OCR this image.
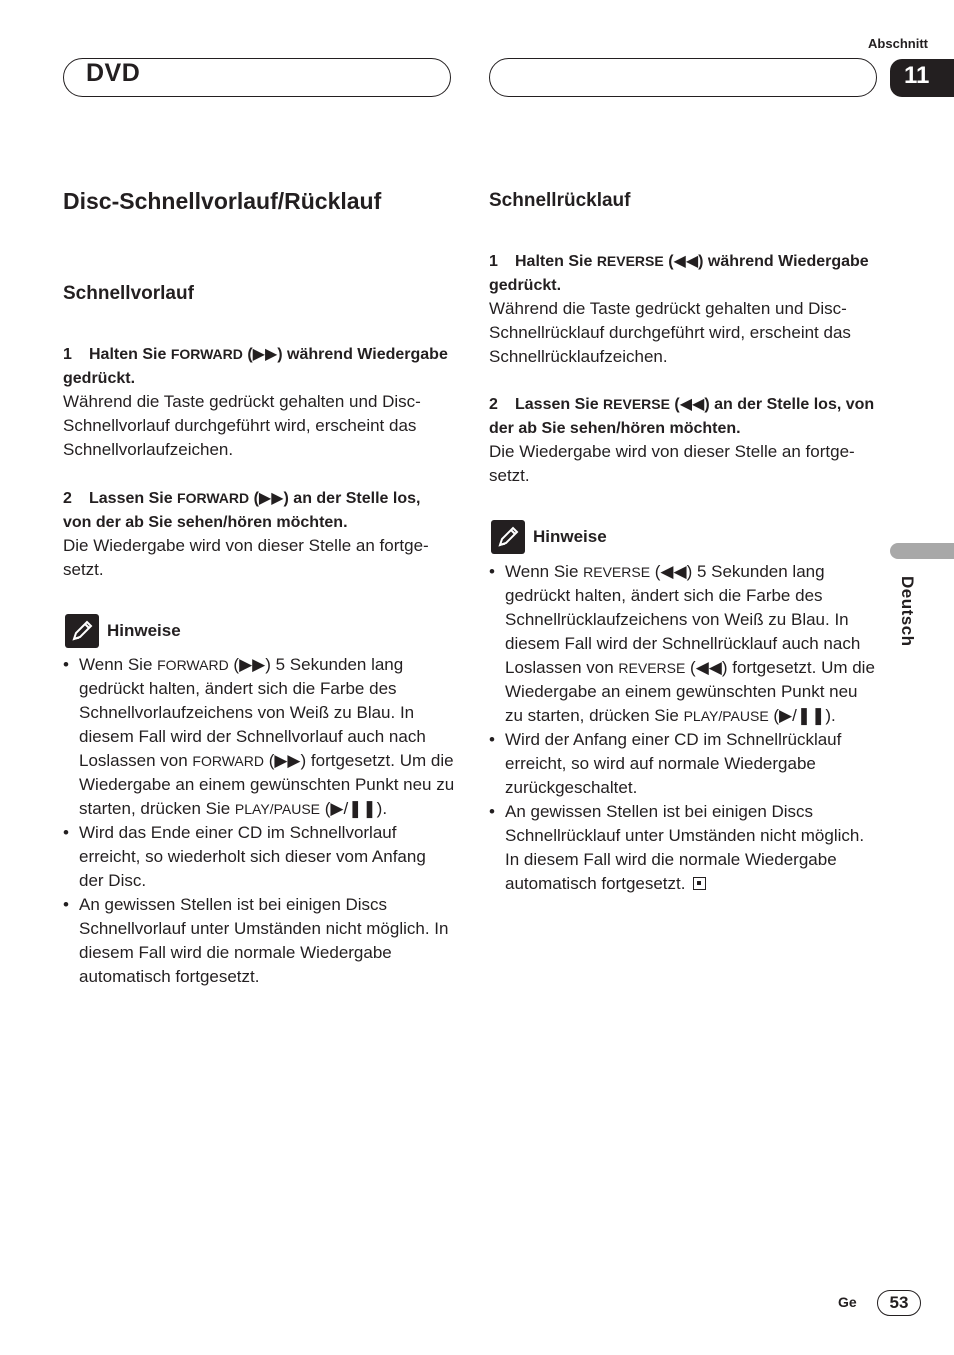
DVD
Abschnitt
11
Disc-Schnellvorlauf/Rücklauf
Schnellvorlauf
1 Halten Sie FORWARD (▶▶) während Wiedergabe gedrückt.
Während die Taste gedrückt gehalten und Disc-Schnellvorlauf durchgeführt wird, erscheint das Schnellvorlaufzeichen.
2 Lassen Sie FORWARD (▶▶) an der Stelle los, von der ab Sie sehen/hören möchten.
Die Wiedergabe wird von dieser Stelle an fortge-setzt.
Hinweise
• Wenn Sie FORWARD (▶▶) 5 Sekunden lang gedrückt halten, ändert sich die Farbe des Schnellvorlaufzeichens von Weiß zu Blau. In diesem Fall wird der Schnellvorlauf auch nach Loslassen von FORWARD (▶▶) fortgesetzt. Um die Wiedergabe an einem gewünschten Punkt neu zu starten, drücken Sie PLAY/PAUSE (▶/❚❚).
• Wird das Ende einer CD im Schnellvorlauf erreicht, so wiederholt sich dieser vom Anfang der Disc.
• An gewissen Stellen ist bei einigen Discs Schnellvorlauf unter Umständen nicht möglich. In diesem Fall wird die normale Wiedergabe automatisch fortgesetzt.
Schnellrücklauf
1 Halten Sie REVERSE (◀◀) während Wiedergabe gedrückt.
Während die Taste gedrückt gehalten und Disc-Schnellrücklauf durchgeführt wird, erscheint das Schnellrücklaufzeichen.
2 Lassen Sie REVERSE (◀◀) an der Stelle los, von der ab Sie sehen/hören möchten.
Die Wiedergabe wird von dieser Stelle an fortge-setzt.
Hinweise
• Wenn Sie REVERSE (◀◀) 5 Sekunden lang gedrückt halten, ändert sich die Farbe des Schnellrücklaufzeichens von Weiß zu Blau. In diesem Fall wird der Schnellrücklauf auch nach Loslassen von REVERSE (◀◀) fortgesetzt. Um die Wiedergabe an einem gewünschten Punkt neu zu starten, drücken Sie PLAY/PAUSE (▶/❚❚).
• Wird der Anfang einer CD im Schnellrücklauf erreicht, so wird auf normale Wiedergabe zurückgeschaltet.
• An gewissen Stellen ist bei einigen Discs Schnellrücklauf unter Umständen nicht möglich. In diesem Fall wird die normale Wiedergabe automatisch fortgesetzt.
Deutsch
Ge	53
